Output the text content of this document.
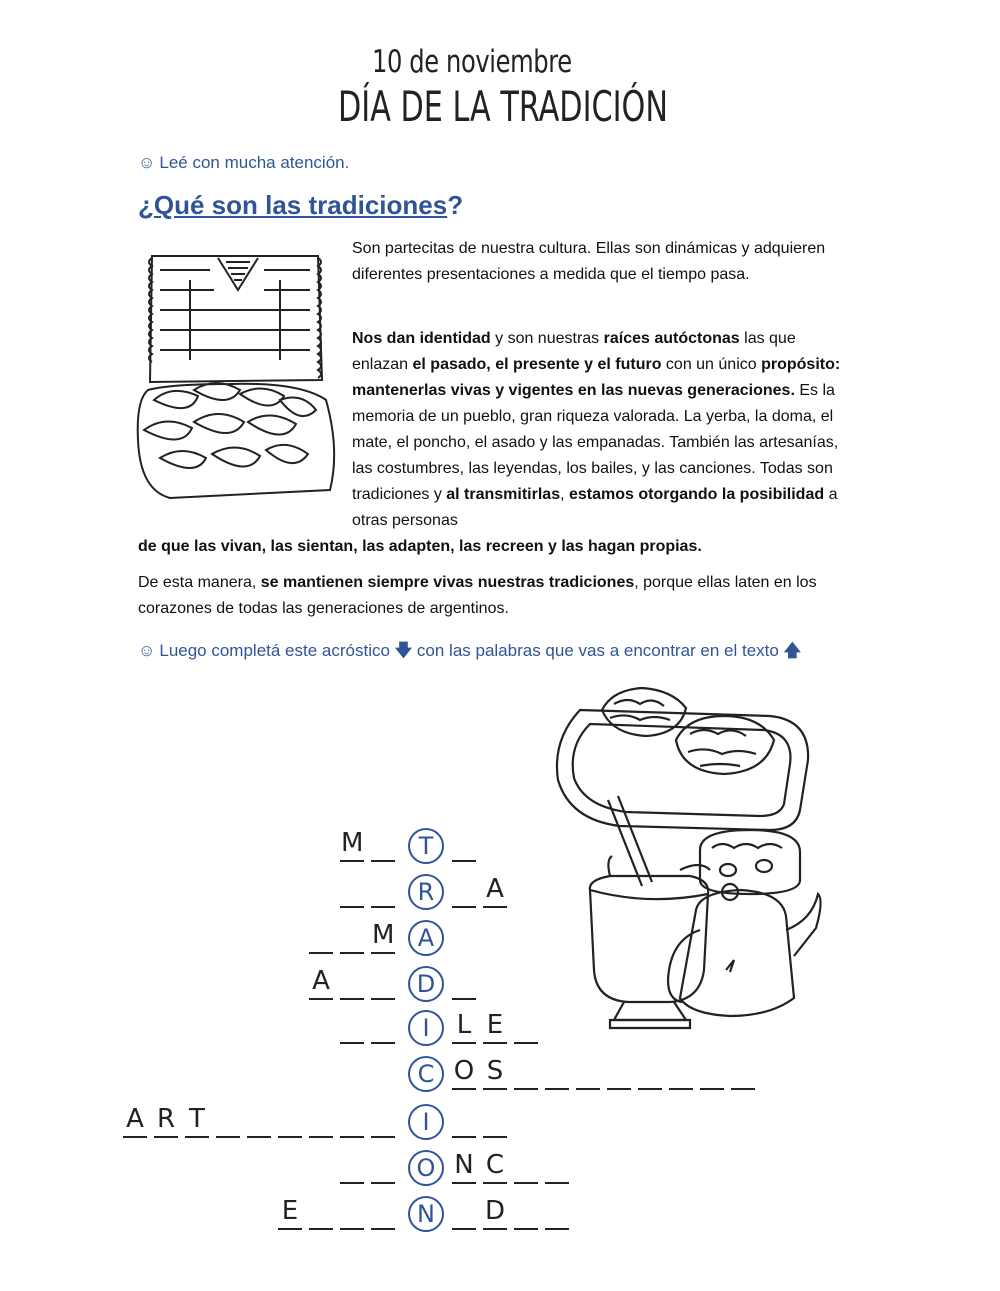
10 de noviembre
DÍA DE LA TRADICIÓN
☺ Leé con mucha atención.
¿Qué son las tradiciones?
Son partecitas de nuestra cultura. Ellas son dinámicas y adquieren diferentes presentaciones a medida que el tiempo pasa.
Nos dan identidad y son nuestras raíces autóctonas las que enlazan el pasado, el presente y el futuro con un único propósito: mantenerlas vivas y vigentes en las nuevas generaciones. Es la memoria de un pueblo, gran riqueza valorada. La yerba, la doma, el mate, el poncho, el asado y las empanadas. También las artesanías, las costumbres, las leyendas, los bailes, y las canciones. Todas son tradiciones y al transmitirlas, estamos otorgando la posibilidad a otras personas
de que las vivan, las sientan, las adapten, las recreen y las hagan propias.
De esta manera, se mantienen siempre vivas nuestras tradiciones, porque ellas laten en los corazones de todas las generaciones de argentinos.
☺ Luego completá este acróstico 🡇 con las palabras que vas a encontrar en el texto 🡅
T
R
A
D
I
C
I
O
N
M
A
M
A
L E
O S
A R T
N C
E	D
